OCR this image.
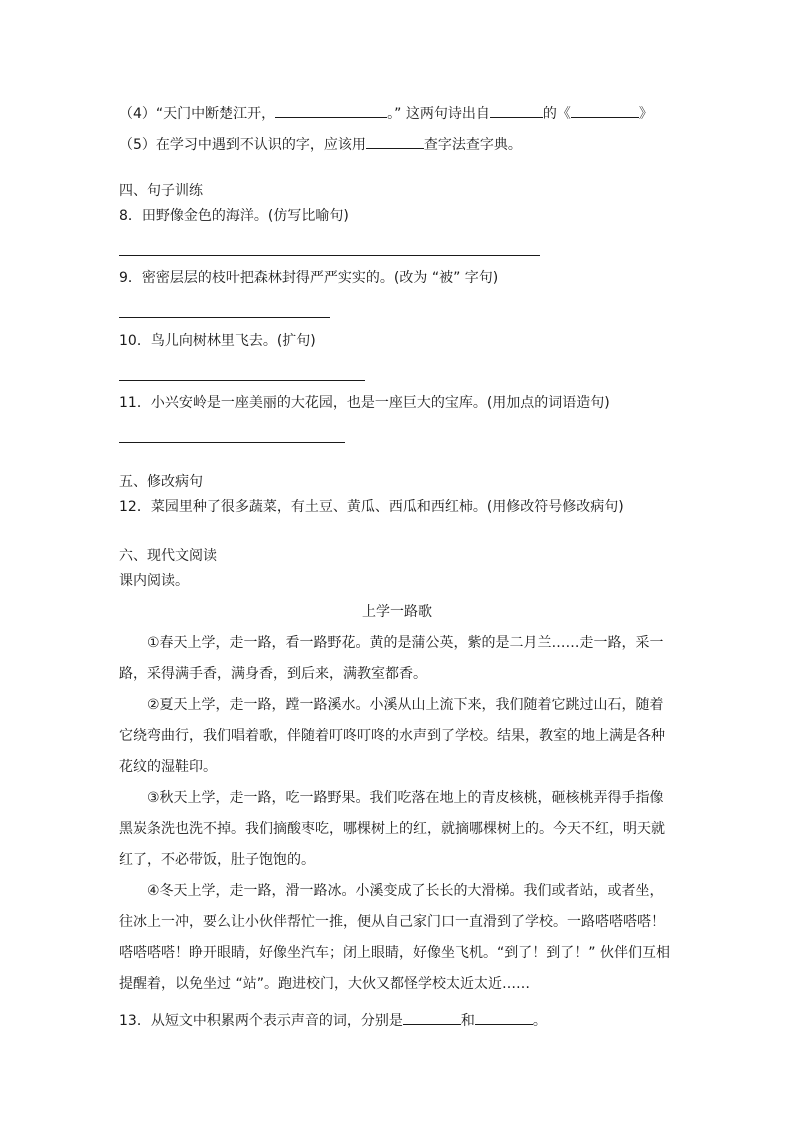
（4）“天门中断楚江开，	。” 这两句诗出自	的《	》
（5）在学习中遇到不认识的字，应该用	查字法查字典。
四、句子训练
8．田野像金色的海洋。(仿写比喻句)
9．密密层层的枝叶把森林封得严严实实的。(改为 “被” 字句)
10．鸟儿向树林里飞去。(扩句)
11．小兴安岭是一座美丽的大花园，也是一座巨大的宝库。(用加点的词语造句)
五、修改病句
12．菜园里种了很多蔬菜，有土豆、黄瓜、西瓜和西红柿。(用修改符号修改病句)
六、现代文阅读
课内阅读。
上学一路歌
①春天上学，走一路，看一路野花。黄的是蒲公英，紫的是二月兰……走一路，采一
路，采得满手香，满身香，到后来，满教室都香。
②夏天上学，走一路，蹚一路溪水。小溪从山上流下来，我们随着它跳过山石，随着
它绕弯曲行，我们唱着歌，伴随着叮咚叮咚的水声到了学校。结果，教室的地上满是各种
花纹的湿鞋印。
③秋天上学，走一路，吃一路野果。我们吃落在地上的青皮核桃，砸核桃弄得手指像
黑炭条洗也洗不掉。我们摘酸枣吃，哪棵树上的红，就摘哪棵树上的。今天不红，明天就
红了，不必带饭，肚子饱饱的。
④冬天上学，走一路，滑一路冰。小溪变成了长长的大滑梯。我们或者站，或者坐，
往冰上一冲，要么让小伙伴帮忙一推，便从自己家门口一直滑到了学校。一路嗒嗒嗒嗒！
嗒嗒嗒嗒！睁开眼睛，好像坐汽车；闭上眼睛，好像坐飞机。“到了！到了！” 伙伴们互相
提醒着，以免坐过 “站”。跑进校门，大伙又都怪学校太近太近……
13．从短文中积累两个表示声音的词，分别是	和	。
